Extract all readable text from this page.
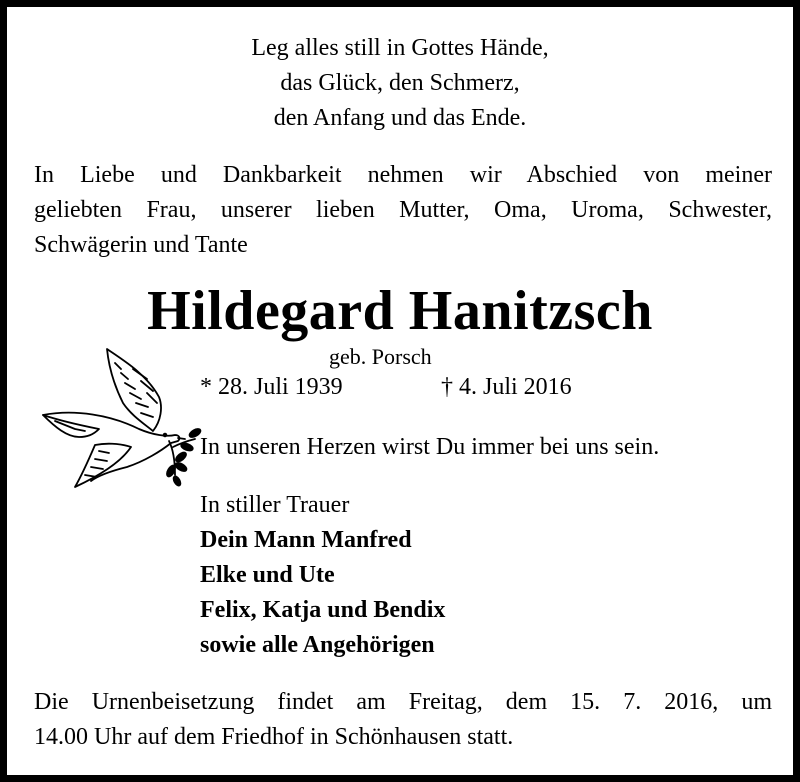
Leg alles still in Gottes Hände,
das Glück, den Schmerz,
den Anfang und das Ende.
In Liebe und Dankbarkeit nehmen wir Abschied von meiner
geliebten Frau, unserer lieben Mutter, Oma, Uroma, Schwester,
Schwägerin und Tante
Hildegard Hanitzsch
geb. Porsch
* 28. Juli 1939	† 4. Juli 2016
In unseren Herzen wirst Du immer bei uns sein.
In stiller Trauer
Dein Mann Manfred
Elke und Ute
Felix, Katja und Bendix
sowie alle Angehörigen
Die Urnenbeisetzung findet am Freitag, dem 15. 7. 2016, um
14.00 Uhr auf dem Friedhof in Schönhausen statt.
